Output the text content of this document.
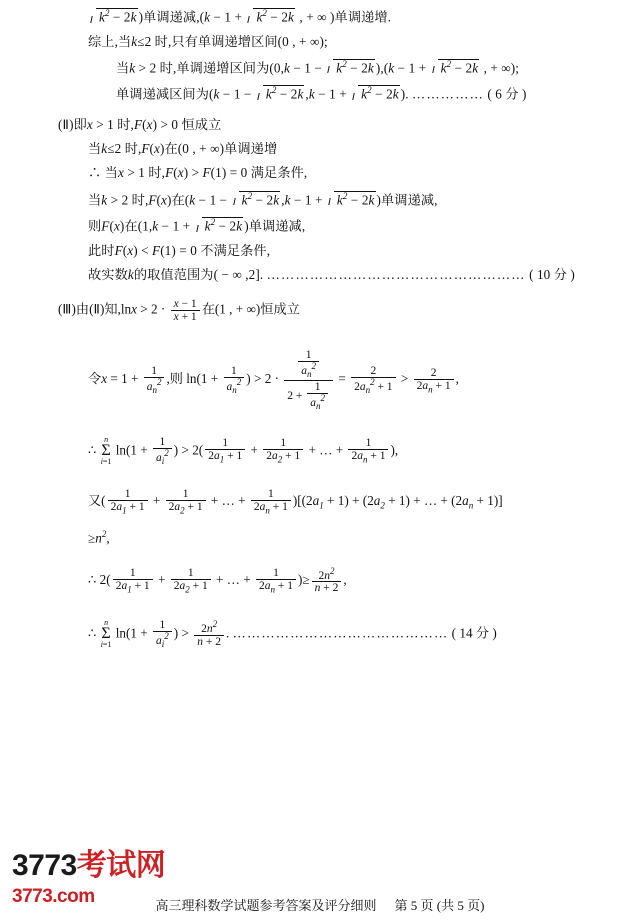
$k^2 - 2k$ )单调递减$,(k - 1 + k^2 - 2k$ , + ∞ )单调递增.
综上,当k≤2 时,只有单调递增区间(0 , + ∞);
当k > 2 时,单调递增区间为($0,k - 1 - k^2 - 2k$ )$,(k - 1 + k^2 - 2k$ , + ∞);
单调递减区间为($k - 1 - k^2 - 2k$ $,k - 1 + k^2 - 2k$ ). …………… ( 6 分 )
(Ⅱ)即x > 1 时,F(x) > 0 恒成立
当k≤2 时,F(x)在(0 , + ∞)单调递增
∴ 当x > 1 时,F(x) > F(1) = 0 满足条件,
当k > 2 时,F(x)在($k - 1 - k^2 - 2k$ $,k - 1 + k^2 - 2k$ )单调递减,
则F(x)在($1,k - 1 + k^2 - 2k$ )单调递减,
此时F(x) < F(1) = 0 不满足条件,
故实数k的取值范围为( − ∞ ,2]. ……………………………………………… ( 10 分 )
(Ⅲ)由(Ⅱ)知$,\ln x > 2 \cdot \frac{x - 1}{x + 1}$ 在(1 , + ∞)恒成立
令$x = 1 + \frac{1}{a_n^2}$ ,则 $\ln(1 + \frac{1}{a_n^2}$ ) > $2 \cdot \frac{\frac{1}{a_n^2}}{2 + \frac{1}{a_n^2}} = \frac{2}{2a_n^2 + 1} > \frac{2}{2a_n + 1}$ ,
∴
n
Σ
i=1
$\ln(1 + \frac{1}{a_i^2}$ ) > $2( \frac{1}{2a_1 + 1} + \frac{1}{2a_2 + 1}$ + … + $\frac{1}{2a_n + 1}$ ),
又( $\frac{1}{2a_1 + 1} + \frac{1}{2a_2 + 1}$ + … + $\frac{1}{2a_n + 1} )[(2a_1 + 1) + (2a_2 + 1)$ + … + $(2a_n + 1)$]
$\ge n^2$,
∴ $2( \frac{1}{2a_1 + 1} + \frac{1}{2a_2 + 1}$ + … + $\frac{1}{2a_n + 1}$ )≥ $\frac{2n^2}{n + 2}$ ,
∴
n
Σ
i=1
$\ln(1 + \frac{1}{a_i^2}$ ) > $\frac{2n^2}{n + 2}$ . ……………………………………… ( 14 分 )
3773考试网
3773.com	高三理科数学试题参考答案及评分细则 第 5 页 (共 5 页)
